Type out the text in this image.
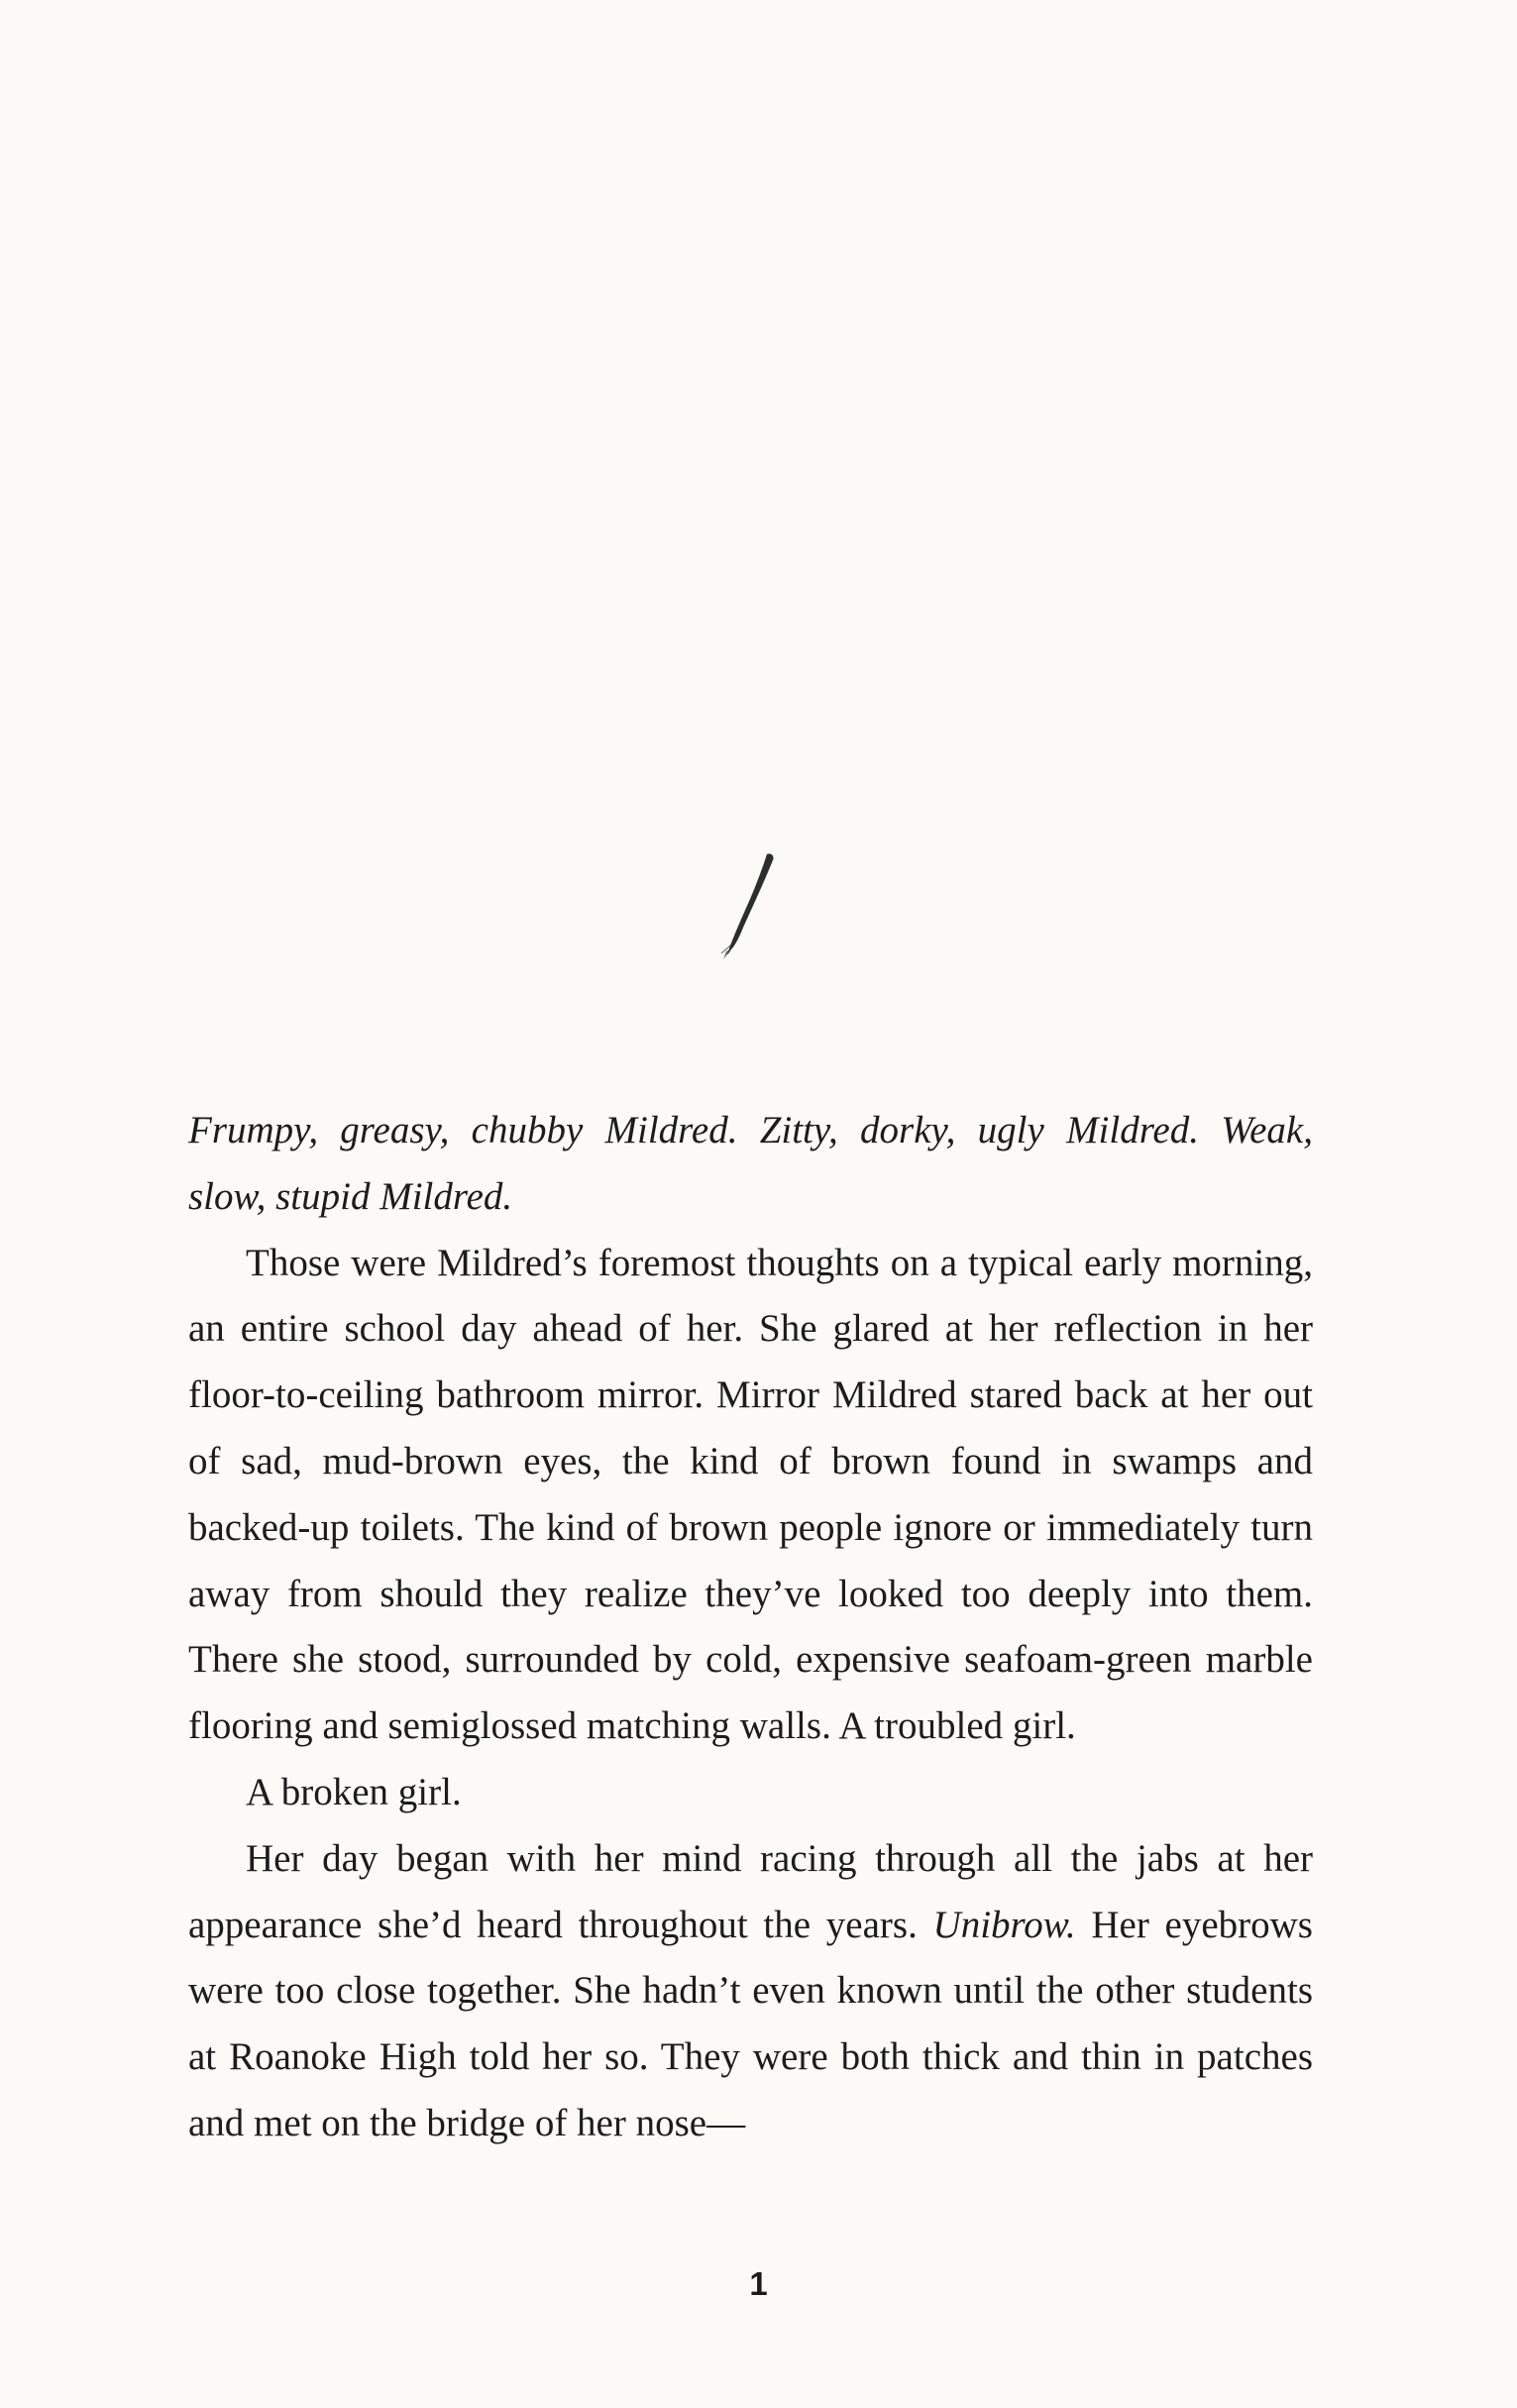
Frumpy, greasy, chubby Mildred. Zitty, dorky, ugly Mildred. Weak,

slow, stupid Mildred.

Those were Mildred’s foremost thoughts on a typical early morning, an entire school day ahead of her. She glared at her reflection in her floor-to-ceiling bathroom mirror. Mirror Mildred stared back at her out of sad, mud-brown eyes, the kind of brown found in swamps and backed-up toilets. The kind of brown people ignore or immediately turn away from should they realize they’ve looked too deeply into them. There she stood, surrounded by cold, expensive seafoam-green marble flooring and semiglossed matching walls. A troubled girl.

A broken girl.

Her day began with her mind racing through all the jabs at her appearance she’d heard throughout the years. Unibrow. Her eyebrows were too close together. She hadn’t even known until the other students at Roanoke High told her so. They were both thick and thin in patches and met on the bridge of her nose—

1
